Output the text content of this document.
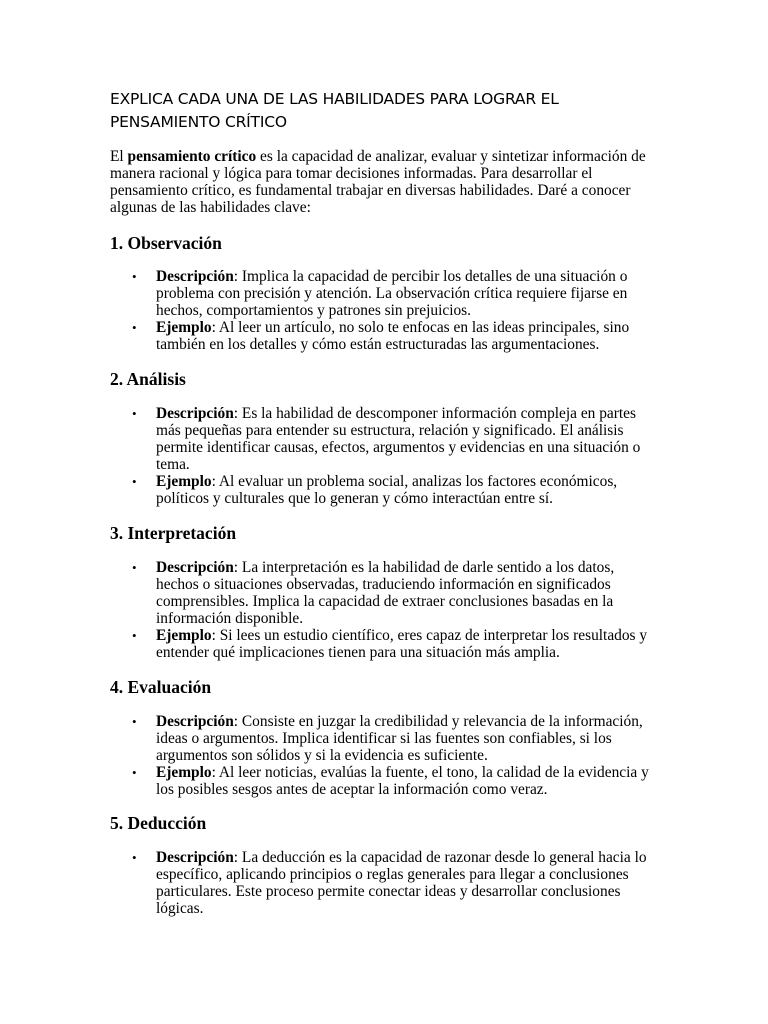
EXPLICA CADA UNA DE LAS HABILIDADES PARA LOGRAR EL PENSAMIENTO CRÍTICO

El pensamiento crítico es la capacidad de analizar, evaluar y sintetizar información de manera racional y lógica para tomar decisiones informadas. Para desarrollar el pensamiento crítico, es fundamental trabajar en diversas habilidades. Daré a conocer algunas de las habilidades clave:

1. Observación
• Descripción: Implica la capacidad de percibir los detalles de una situación o problema con precisión y atención. La observación crítica requiere fijarse en hechos, comportamientos y patrones sin prejuicios.
• Ejemplo: Al leer un artículo, no solo te enfocas en las ideas principales, sino también en los detalles y cómo están estructuradas las argumentaciones.
2. Análisis
• Descripción: Es la habilidad de descomponer información compleja en partes más pequeñas para entender su estructura, relación y significado. El análisis permite identificar causas, efectos, argumentos y evidencias en una situación o tema.
• Ejemplo: Al evaluar un problema social, analizas los factores económicos, políticos y culturales que lo generan y cómo interactúan entre sí.
3. Interpretación
• Descripción: La interpretación es la habilidad de darle sentido a los datos, hechos o situaciones observadas, traduciendo información en significados comprensibles. Implica la capacidad de extraer conclusiones basadas en la información disponible.
• Ejemplo: Si lees un estudio científico, eres capaz de interpretar los resultados y entender qué implicaciones tienen para una situación más amplia.
4. Evaluación
• Descripción: Consiste en juzgar la credibilidad y relevancia de la información, ideas o argumentos. Implica identificar si las fuentes son confiables, si los argumentos son sólidos y si la evidencia es suficiente.
• Ejemplo: Al leer noticias, evalúas la fuente, el tono, la calidad de la evidencia y los posibles sesgos antes de aceptar la información como veraz.
5. Deducción
• Descripción: La deducción es la capacidad de razonar desde lo general hacia lo específico, aplicando principios o reglas generales para llegar a conclusiones particulares. Este proceso permite conectar ideas y desarrollar conclusiones lógicas.
